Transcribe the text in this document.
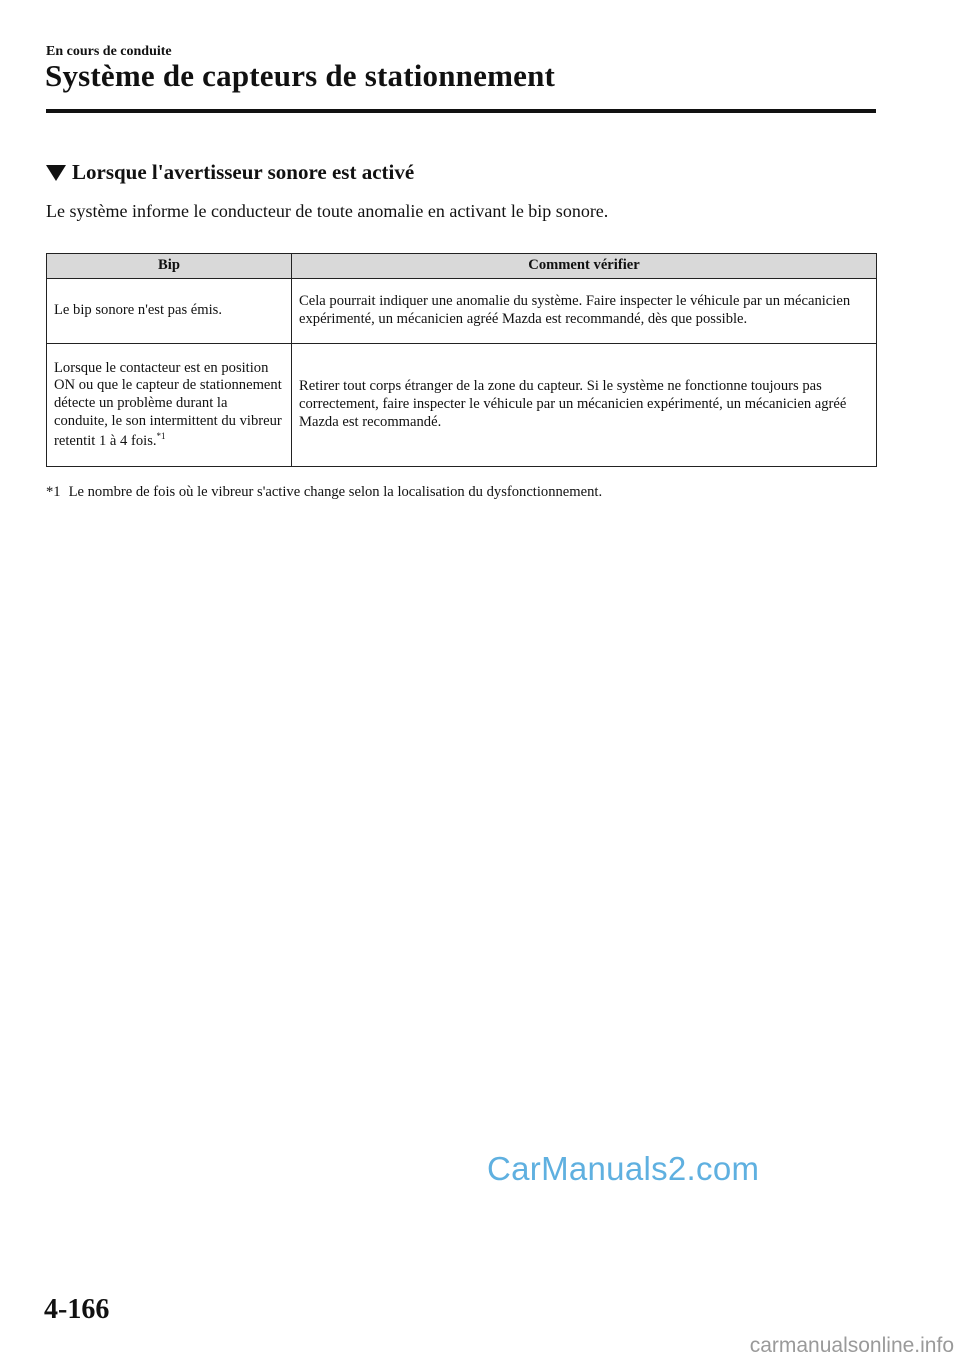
En cours de conduite
Système de capteurs de stationnement
Lorsque l'avertisseur sonore est activé
Le système informe le conducteur de toute anomalie en activant le bip sonore.
Bip	Comment vérifier
Le bip sonore n'est pas émis.	Cela pourrait indiquer une anomalie du système. Faire inspecter le véhicule par un mécanicien expérimenté, un mécanicien agréé Mazda est recommandé, dès que possible.
Lorsque le contacteur est en position ON ou que le capteur de stationnement détecte un problème durant la conduite, le son intermittent du vibreur retentit 1 à 4 fois.$^{*1}$	Retirer tout corps étranger de la zone du capteur. Si le système ne fonctionne toujours pas correctement, faire inspecter le véhicule par un mécanicien expérimenté, un mécanicien agréé Mazda est recommandé.
*1 Le nombre de fois où le vibreur s'active change selon la localisation du dysfonctionnement.
CarManuals2.com
4-166
carmanualsonline.info
